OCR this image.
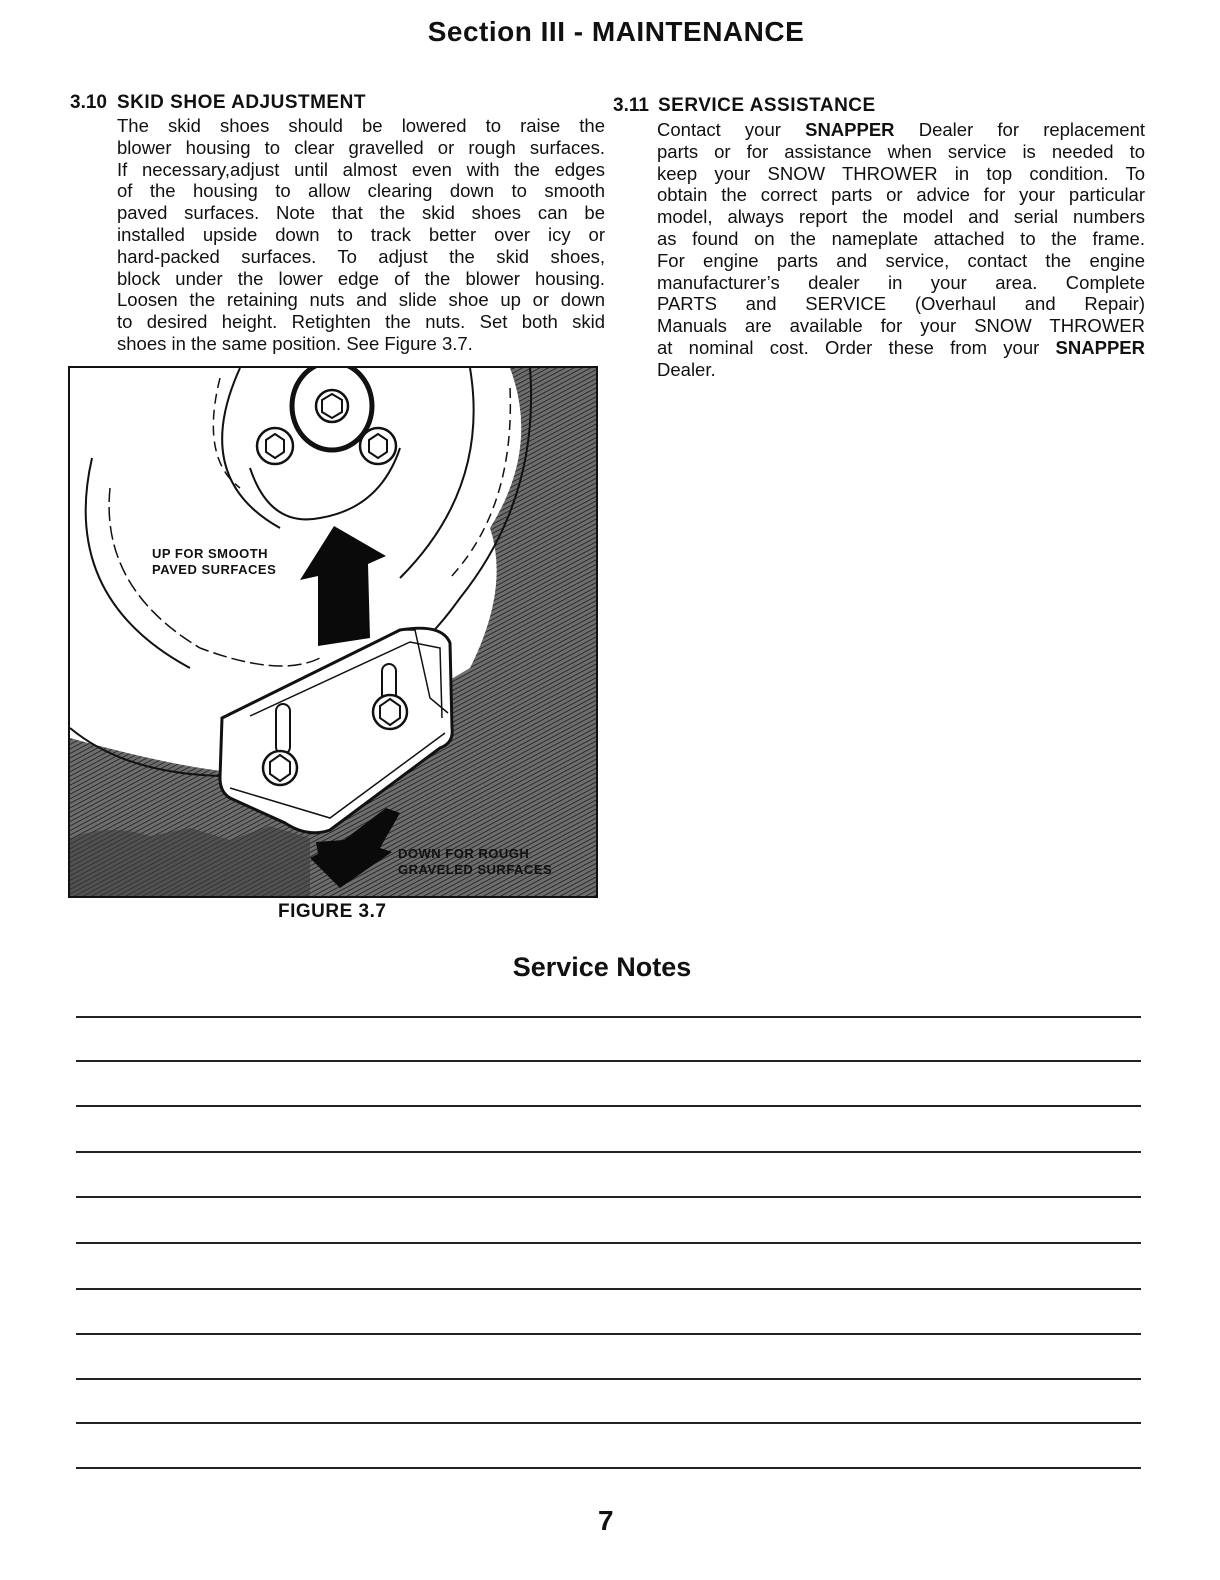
Section III - MAINTENANCE
3.10 SKID SHOE ADJUSTMENT
The skid shoes should be lowered to raise the
blower housing to clear gravelled or rough surfaces.
If necessary,adjust until almost even with the edges
of the housing to allow clearing down to smooth
paved surfaces. Note that the skid shoes can be
installed upside down to track better over icy or
hard-packed surfaces. To adjust the skid shoes,
block under the lower edge of the blower housing.
Loosen the retaining nuts and slide shoe up or down
to desired height. Retighten the nuts. Set both skid
shoes in the same position. See Figure 3.7.
3.11 SERVICE ASSISTANCE
Contact your SNAPPER Dealer for replacement
parts or for assistance when service is needed to
keep your SNOW THROWER in top condition. To
obtain the correct parts or advice for your particular
model, always report the model and serial numbers
as found on the nameplate attached to the frame.
For engine parts and service, contact the engine
manufacturer’s dealer in your area. Complete
PARTS and SERVICE (Overhaul and Repair)
Manuals are available for your SNOW THROWER
at nominal cost. Order these from your SNAPPER
Dealer.
UP FOR SMOOTH
PAVED SURFACES
DOWN FOR ROUGH
GRAVELED SURFACES
FIGURE 3.7
Service Notes
7
